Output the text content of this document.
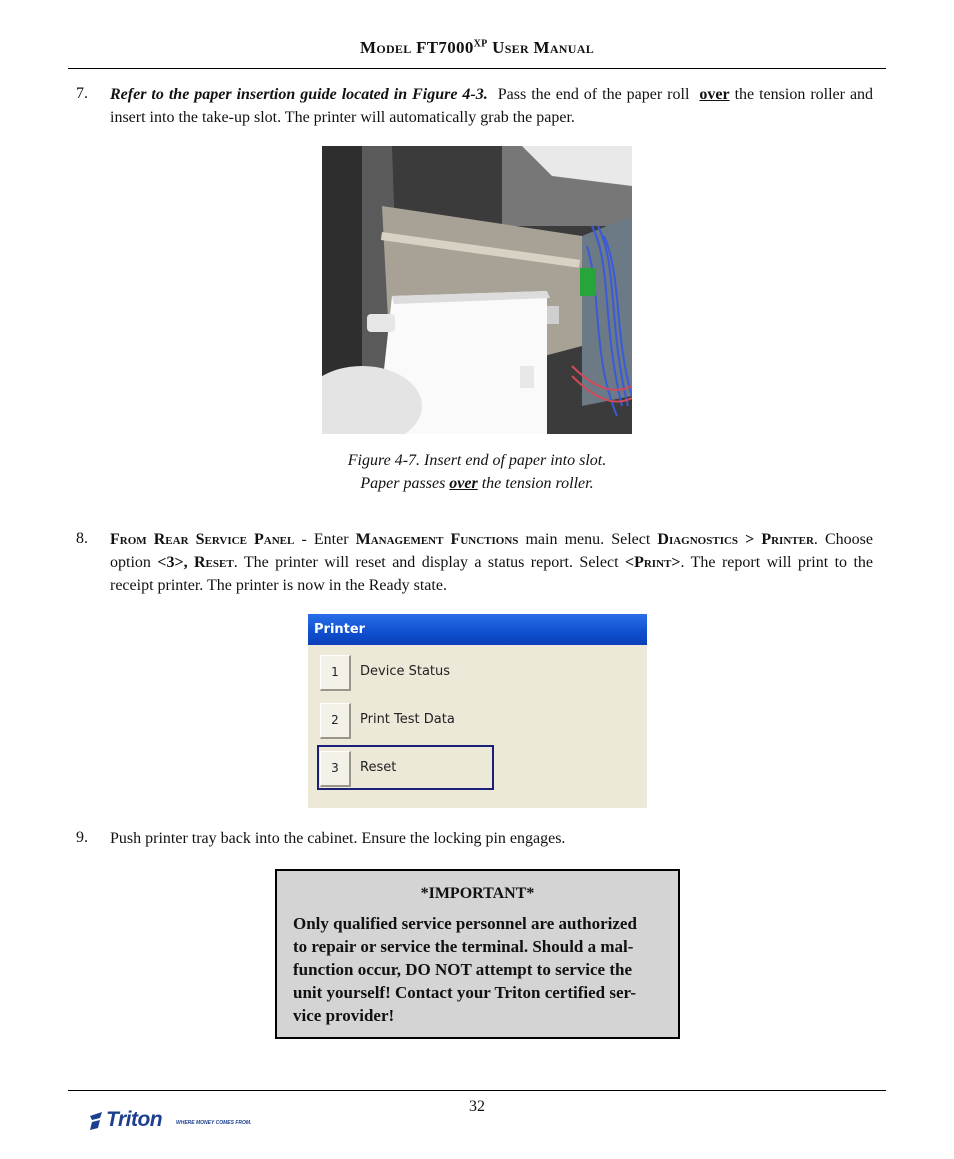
Model $FT7000^{XP}$ User Manual
7. Refer to the paper insertion guide located in Figure 4-3. Pass the end of the paper roll over the tension roller and insert into the take-up slot. The printer will automatically grab the paper.
Figure 4-7. Insert end of paper into slot.
Paper passes over the tension roller.
8. From Rear Service Panel - Enter Management Functions main menu. Select Diagnostics > Printer. Choose option <3>, Reset. The printer will reset and display a status report. Select <Print>. The report will print to the receipt printer. The printer is now in the Ready state.
Printer
1	Device Status
2	Print Test Data
3	Reset
9. Push printer tray back into the cabinet. Ensure the locking pin engages.
*IMPORTANT*
Only qualified service personnel are authorized
to repair or service the terminal. Should a mal-
function occur, DO NOT attempt to service the
unit yourself! Contact your Triton certified ser-
vice provider!
32
Triton	WHERE MONEY COMES FROM.
